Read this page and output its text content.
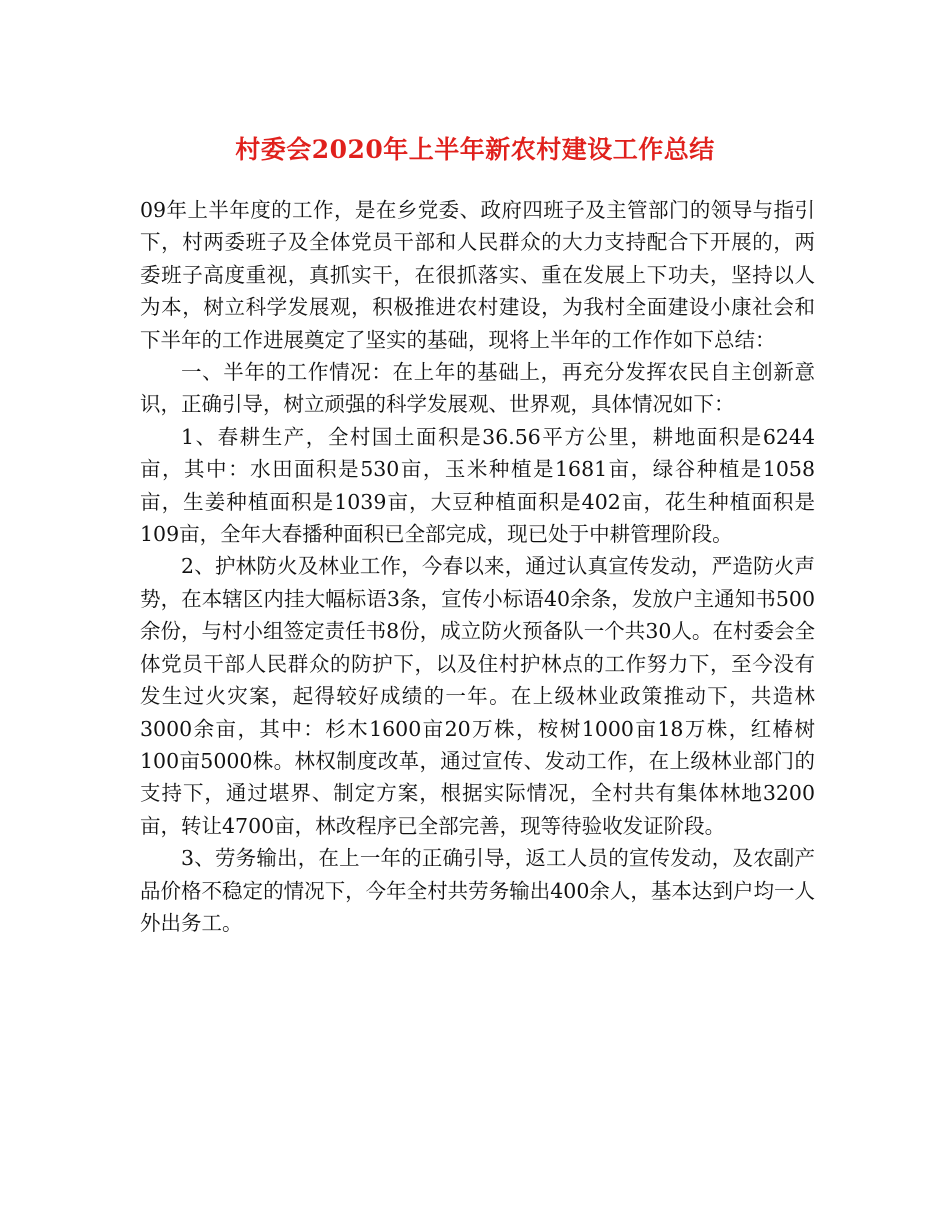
村委会2020年上半年新农村建设工作总结

09年上半年度的工作，是在乡党委、政府四班子及主管部门的领导与指引下，村两委班子及全体党员干部和人民群众的大力支持配合下开展的，两委班子高度重视，真抓实干，在很抓落实、重在发展上下功夫，坚持以人为本，树立科学发展观，积极推进农村建设，为我村全面建设小康社会和下半年的工作进展奠定了坚实的基础，现将上半年的工作作如下总结：

一、半年的工作情况：在上年的基础上，再充分发挥农民自主创新意识，正确引导，树立顽强的科学发展观、世界观，具体情况如下：

1、春耕生产，全村国土面积是36.56平方公里，耕地面积是6244亩，其中：水田面积是530亩，玉米种植是1681亩，绿谷种植是1058亩，生姜种植面积是1039亩，大豆种植面积是402亩，花生种植面积是109亩，全年大春播种面积已全部完成，现已处于中耕管理阶段。

2、护林防火及林业工作，今春以来，通过认真宣传发动，严造防火声势，在本辖区内挂大幅标语3条，宣传小标语40余条，发放户主通知书500余份，与村小组签定责任书8份，成立防火预备队一个共30人。在村委会全体党员干部人民群众的防护下，以及住村护林点的工作努力下，至今没有发生过火灾案，起得较好成绩的一年。在上级林业政策推动下，共造林3000余亩，其中：杉木1600亩20万株，桉树1000亩18万株，红椿树100亩5000株。林权制度改革，通过宣传、发动工作，在上级林业部门的支持下，通过堪界、制定方案，根据实际情况，全村共有集体林地3200亩，转让4700亩，林改程序已全部完善，现等待验收发证阶段。

3、劳务输出，在上一年的正确引导，返工人员的宣传发动，及农副产品价格不稳定的情况下，今年全村共劳务输出400余人，基本达到户均一人外出务工。
